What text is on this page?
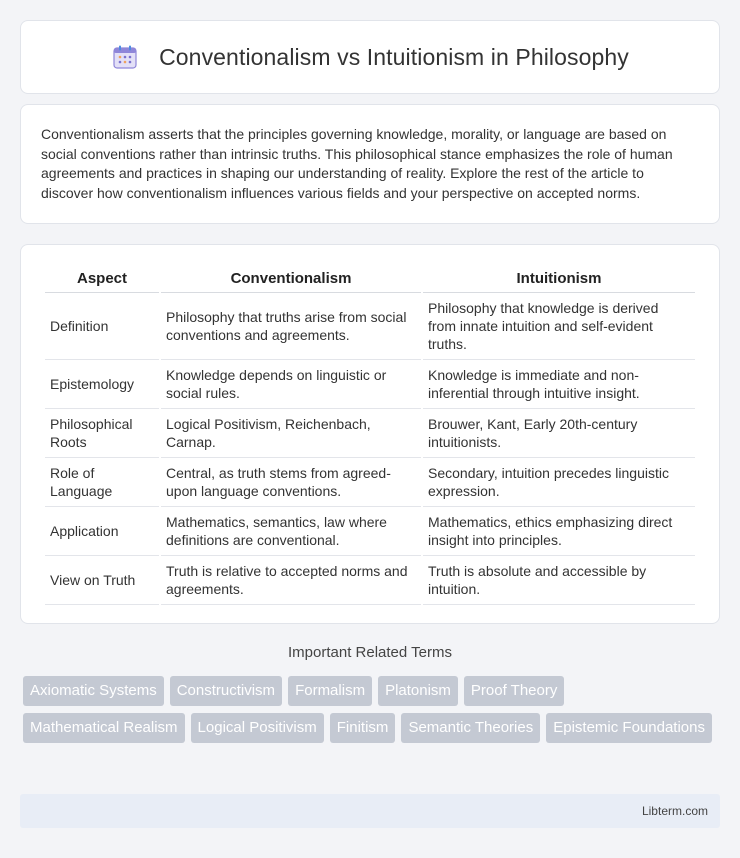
Conventionalism vs Intuitionism in Philosophy

Conventionalism asserts that the principles governing knowledge, morality, or language are based on social conventions rather than intrinsic truths. This philosophical stance emphasizes the role of human agreements and practices in shaping our understanding of reality. Explore the rest of the article to discover how conventionalism influences various fields and your perspective on accepted norms.

Aspect	Conventionalism	Intuitionism
Definition	Philosophy that truths arise from social conventions and agreements.	Philosophy that knowledge is derived from innate intuition and self-evident truths.
Epistemology	Knowledge depends on linguistic or social rules.	Knowledge is immediate and non-inferential through intuitive insight.
Philosophical Roots	Logical Positivism, Reichenbach, Carnap.	Brouwer, Kant, Early 20th-century intuitionists.
Role of Language	Central, as truth stems from agreed-upon language conventions.	Secondary, intuition precedes linguistic expression.
Application	Mathematics, semantics, law where definitions are conventional.	Mathematics, ethics emphasizing direct insight into principles.
View on Truth	Truth is relative to accepted norms and agreements.	Truth is absolute and accessible by intuition.
Important Related Terms
Axiomatic Systems	Constructivism	Formalism	Platonism	Proof Theory
Mathematical Realism	Logical Positivism	Finitism	Semantic Theories	Epistemic Foundations
Libterm.com
